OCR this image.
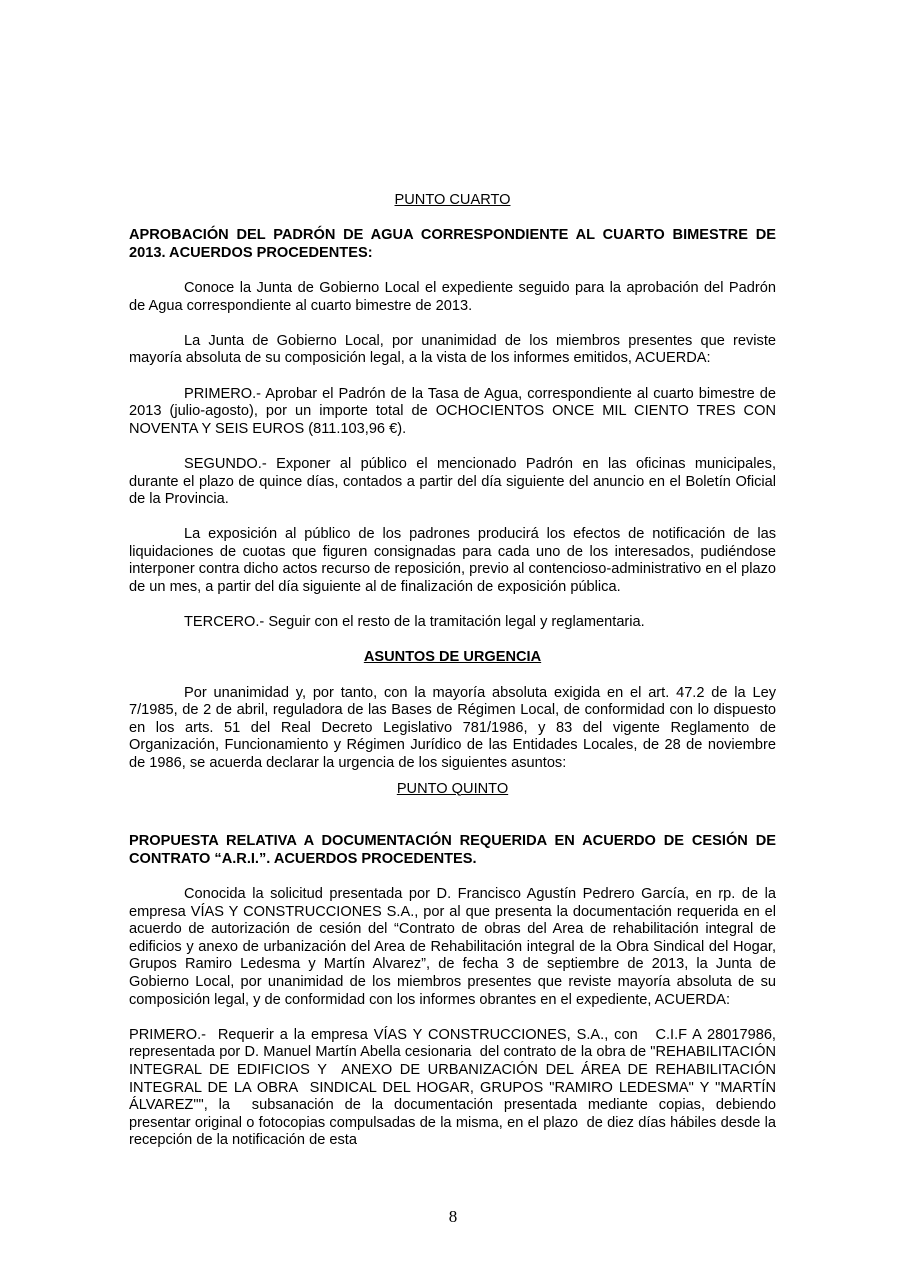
PUNTO CUARTO

APROBACIÓN DEL PADRÓN DE AGUA CORRESPONDIENTE AL CUARTO BIMESTRE DE 2013. ACUERDOS PROCEDENTES:

Conoce la Junta de Gobierno Local el expediente seguido para la aprobación del Padrón de Agua correspondiente al cuarto bimestre de 2013.

La Junta de Gobierno Local, por unanimidad de los miembros presentes que reviste mayoría absoluta de su composición legal, a la vista de los informes emitidos, ACUERDA:

PRIMERO.- Aprobar el Padrón de la Tasa de Agua, correspondiente al cuarto bimestre de 2013 (julio-agosto), por un importe total de OCHOCIENTOS ONCE MIL CIENTO TRES CON NOVENTA Y SEIS EUROS (811.103,96 €).

SEGUNDO.- Exponer al público el mencionado Padrón en las oficinas municipales, durante el plazo de quince días, contados a partir del día siguiente del anuncio en el Boletín Oficial de la Provincia.

La exposición al público de los padrones producirá los efectos de notificación de las liquidaciones de cuotas que figuren consignadas para cada uno de los interesados, pudiéndose interponer contra dicho actos recurso de reposición, previo al contencioso-administrativo en el plazo de un mes, a partir del día siguiente al de finalización de exposición pública.

TERCERO.- Seguir con el resto de la tramitación legal y reglamentaria.

ASUNTOS DE URGENCIA

Por unanimidad y, por tanto, con la mayoría absoluta exigida en el art. 47.2 de la Ley 7/1985, de 2 de abril, reguladora de las Bases de Régimen Local, de conformidad con lo dispuesto en los arts. 51 del Real Decreto Legislativo 781/1986, y 83 del vigente Reglamento de Organización, Funcionamiento y Régimen Jurídico de las Entidades Locales, de 28 de noviembre de 1986, se acuerda declarar la urgencia de los siguientes asuntos:

PUNTO QUINTO

PROPUESTA RELATIVA A DOCUMENTACIÓN REQUERIDA EN ACUERDO DE CESIÓN DE CONTRATO “A.R.I.”. ACUERDOS PROCEDENTES.

Conocida la solicitud presentada por D. Francisco Agustín Pedrero García, en rp. de la empresa VÍAS Y CONSTRUCCIONES S.A., por al que presenta la documentación requerida en el acuerdo de autorización de cesión del “Contrato de obras del Area de rehabilitación integral de edificios y anexo de urbanización del Area de Rehabilitación integral de la Obra Sindical del Hogar, Grupos Ramiro Ledesma y Martín Alvarez”, de fecha 3 de septiembre de 2013, la Junta de Gobierno Local, por unanimidad de los miembros presentes que reviste mayoría absoluta de su composición legal, y de conformidad con los informes obrantes en el expediente, ACUERDA:

PRIMERO.-  Requerir a la empresa VÍAS Y CONSTRUCCIONES, S.A., con   C.I.F A 28017986, representada por D. Manuel Martín Abella cesionaria  del contrato de la obra de "REHABILITACIÓN INTEGRAL DE EDIFICIOS Y  ANEXO DE URBANIZACIÓN DEL ÁREA DE REHABILITACIÓN INTEGRAL DE LA OBRA  SINDICAL DEL HOGAR, GRUPOS "RAMIRO LEDESMA" Y "MARTÍN ÁLVAREZ"", la  subsanación de la documentación presentada mediante copias, debiendo  presentar original o fotocopias compulsadas de la misma, en el plazo  de diez días hábiles desde la recepción de la notificación de esta

8
